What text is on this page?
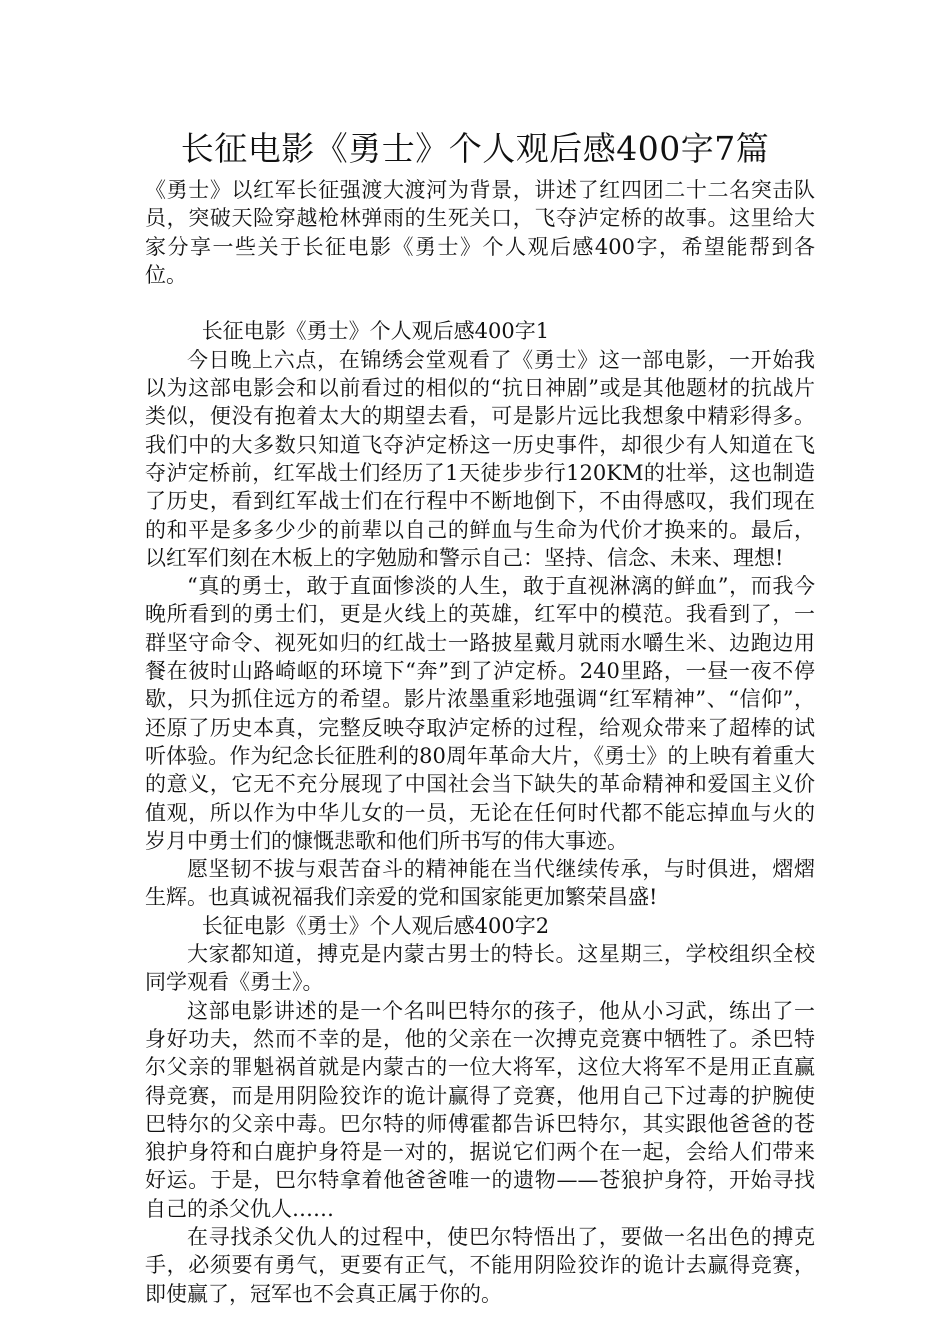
长征电影《勇士》个人观后感400字7篇

《勇士》以红军长征强渡大渡河为背景，讲述了红四团二十二名突击队员，突破天险穿越枪林弹雨的生死关口，飞夺泸定桥的故事。这里给大家分享一些关于长征电影《勇士》个人观后感400字，希望能帮到各位。

长征电影《勇士》个人观后感400字1

今日晚上六点，在锦绣会堂观看了《勇士》这一部电影，一开始我以为这部电影会和以前看过的相似的“抗日神剧”或是其他题材的抗战片类似，便没有抱着太大的期望去看，可是影片远比我想象中精彩得多。我们中的大多数只知道飞夺泸定桥这一历史事件，却很少有人知道在飞夺泸定桥前，红军战士们经历了1天徒步步行120KM的壮举，这也制造了历史，看到红军战士们在行程中不断地倒下，不由得感叹，我们现在的和平是多多少少的前辈以自己的鲜血与生命为代价才换来的。最后，以红军们刻在木板上的字勉励和警示自己：坚持、信念、未来、理想!

“真的勇士，敢于直面惨淡的人生，敢于直视淋漓的鲜血”，而我今晚所看到的勇士们，更是火线上的英雄，红军中的模范。我看到了，一群坚守命令、视死如归的红战士一路披星戴月就雨水嚼生米、边跑边用餐在彼时山路崎岖的环境下“奔”到了泸定桥。240里路，一昼一夜不停歇，只为抓住远方的希望。影片浓墨重彩地强调“红军精神”、“信仰”，还原了历史本真，完整反映夺取泸定桥的过程，给观众带来了超棒的试听体验。作为纪念长征胜利的80周年革命大片，《勇士》的上映有着重大的意义，它无不充分展现了中国社会当下缺失的革命精神和爱国主义价值观，所以作为中华儿女的一员，无论在任何时代都不能忘掉血与火的岁月中勇士们的慷慨悲歌和他们所书写的伟大事迹。

愿坚韧不拔与艰苦奋斗的精神能在当代继续传承，与时俱进，熠熠生辉。也真诚祝福我们亲爱的党和国家能更加繁荣昌盛!

长征电影《勇士》个人观后感400字2

大家都知道，搏克是内蒙古男士的特长。这星期三，学校组织全校同学观看《勇士》。

这部电影讲述的是一个名叫巴特尔的孩子，他从小习武，练出了一身好功夫，然而不幸的是，他的父亲在一次搏克竞赛中牺牲了。杀巴特尔父亲的罪魁祸首就是内蒙古的一位大将军，这位大将军不是用正直赢得竞赛，而是用阴险狡诈的诡计赢得了竞赛，他用自己下过毒的护腕使巴特尔的父亲中毒。巴尔特的师傅霍都告诉巴特尔，其实跟他爸爸的苍狼护身符和白鹿护身符是一对的，据说它们两个在一起，会给人们带来好运。于是，巴尔特拿着他爸爸唯一的遗物——苍狼护身符，开始寻找自己的杀父仇人……

在寻找杀父仇人的过程中，使巴尔特悟出了，要做一名出色的搏克手，必须要有勇气，更要有正气，不能用阴险狡诈的诡计去赢得竞赛，即使赢了，冠军也不会真正属于你的。
